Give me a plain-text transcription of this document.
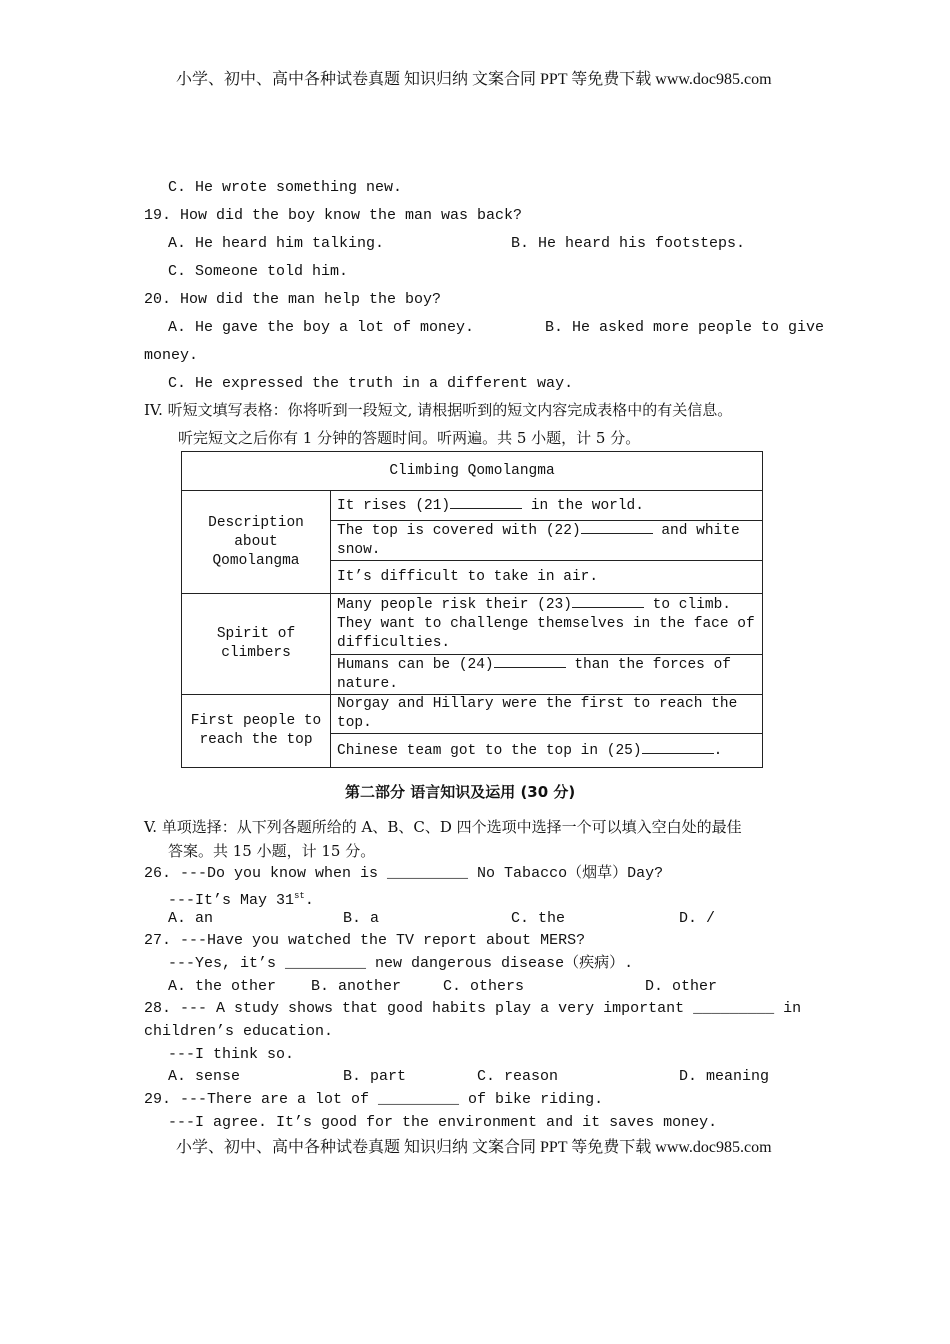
小学、初中、高中各种试卷真题 知识归纳 文案合同 PPT 等免费下载 www.doc985.com
C. He wrote something new.
19. How did the boy know the man was back?
A. He heard him talking.	B. He heard his footsteps.
C. Someone told him.
20. How did the man help the boy?
A. He gave the boy a lot of money.	B. He asked more people to give
money.
C. He expressed the truth in a different way.
IV. 听短文填写表格：你将听到一段短文, 请根据听到的短文内容完成表格中的有关信息。
听完短文之后你有 1 分钟的答题时间。听两遍。共 5 小题，计 5 分。
Climbing Qomolangma	
Description about Qomolangma	It rises (21) in the world.
	The top is covered with (22) and white snow.
	It’s difficult to take in air.
Spirit of climbers	Many people risk their (23) to climb. They want to challenge themselves in the face of difficulties.
	Humans can be (24) than the forces of nature.
First people to reach the top	Norgay and Hillary were the first to reach the top.
	Chinese team got to the top in (25) .
第二部分 语言知识及运用 (30 分)
V. 单项选择：从下列各题所给的 A、B、C、D 四个选项中选择一个可以填入空白处的最佳
答案。共 15 小题，计 15 分。
26. ---Do you know when is _________ No Tabacco（烟草）Day?
---It’s May 31st.
A. an	B. a	C. the	D. /
27. ---Have you watched the TV report about MERS?
---Yes, it’s _________ new dangerous disease（疾病）.
A. the other B. another	C. others	D. other
28. --- A study shows that good habits play a very important _________ in
children’s education.
---I think so.
A. sense	B. part	C. reason	D. meaning
29. ---There are a lot of _________ of bike riding.
---I agree. It’s good for the environment and it saves money.
小学、初中、高中各种试卷真题 知识归纳 文案合同 PPT 等免费下载 www.doc985.com
